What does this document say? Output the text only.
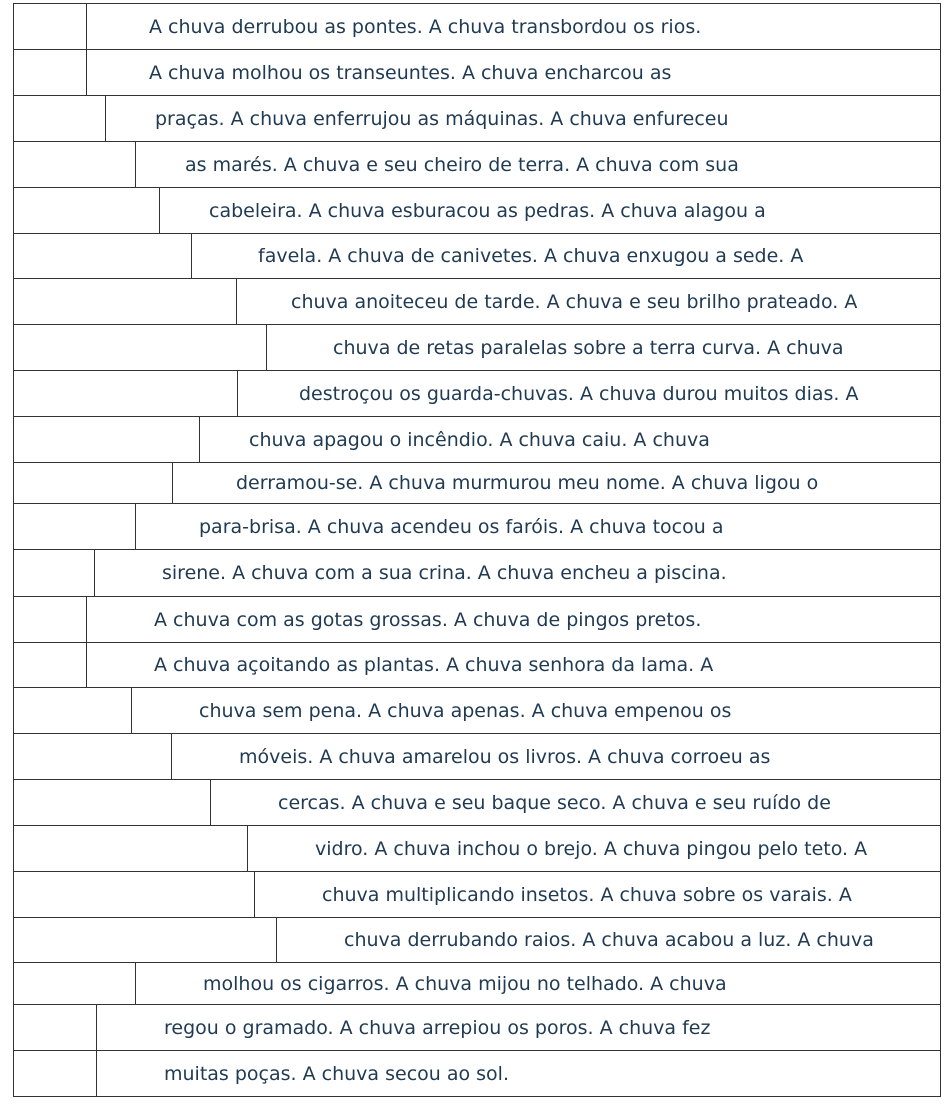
A chuva derrubou as pontes. A chuva transbordou os rios.
A chuva molhou os transeuntes. A chuva encharcou as
praças. A chuva enferrujou as máquinas. A chuva enfureceu
as marés. A chuva e seu cheiro de terra. A chuva com sua
cabeleira. A chuva esburacou as pedras. A chuva alagou a
favela. A chuva de canivetes. A chuva enxugou a sede. A
chuva anoiteceu de tarde. A chuva e seu brilho prateado. A
chuva de retas paralelas sobre a terra curva. A chuva
destroçou os guarda-chuvas. A chuva durou muitos dias. A
chuva apagou o incêndio. A chuva caiu. A chuva
derramou-se. A chuva murmurou meu nome. A chuva ligou o
para-brisa. A chuva acendeu os faróis. A chuva tocou a
sirene. A chuva com a sua crina. A chuva encheu a piscina.
A chuva com as gotas grossas. A chuva de pingos pretos.
A chuva açoitando as plantas. A chuva senhora da lama. A
chuva sem pena. A chuva apenas. A chuva empenou os
móveis. A chuva amarelou os livros. A chuva corroeu as
cercas. A chuva e seu baque seco. A chuva e seu ruído de
vidro. A chuva inchou o brejo. A chuva pingou pelo teto. A
chuva multiplicando insetos. A chuva sobre os varais. A
chuva derrubando raios. A chuva acabou a luz. A chuva
molhou os cigarros. A chuva mijou no telhado. A chuva
regou o gramado. A chuva arrepiou os poros. A chuva fez
muitas poças. A chuva secou ao sol.
